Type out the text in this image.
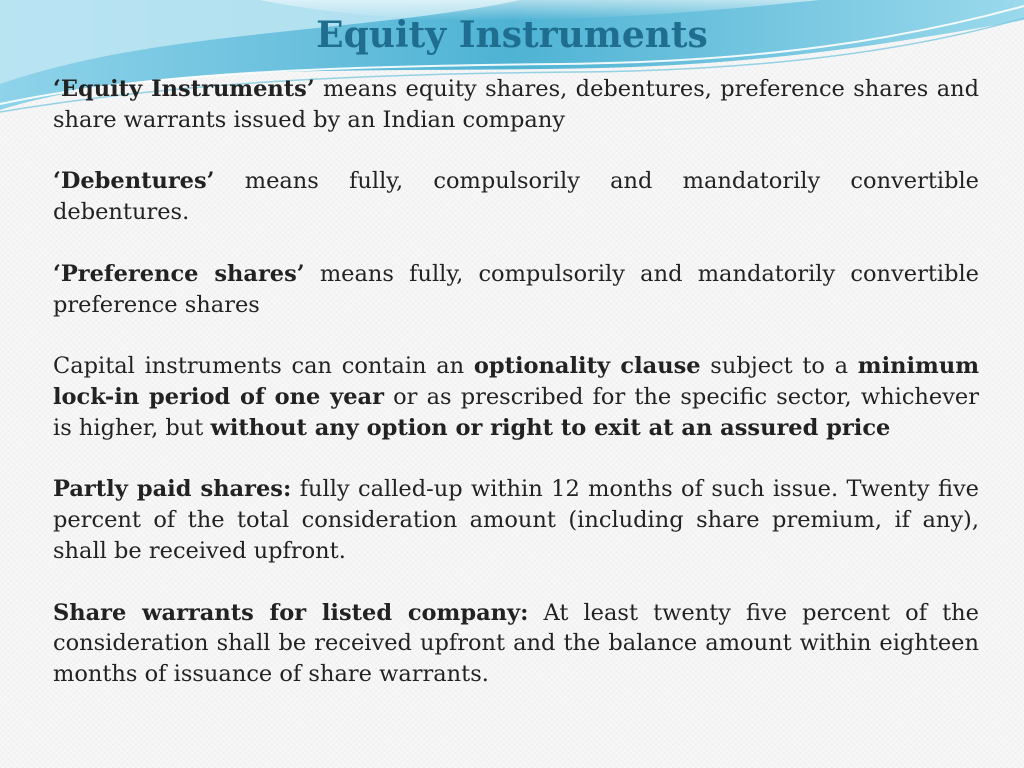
Equity Instruments

‘Equity Instruments’ means equity shares, debentures, preference shares and share warrants issued by an Indian company

‘Debentures’ means fully, compulsorily and mandatorily convertible debentures.

‘Preference shares’ means fully, compulsorily and mandatorily convertible preference shares

Capital instruments can contain an optionality clause subject to a minimum lock-in period of one year or as prescribed for the specific sector, whichever is higher, but without any option or right to exit at an assured price

Partly paid shares: fully called-up within 12 months of such issue. Twenty five percent of the total consideration amount (including share premium, if any), shall be received upfront.

Share warrants for listed company: At least twenty five percent of the consideration shall be received upfront and the balance amount within eighteen months of issuance of share warrants.
